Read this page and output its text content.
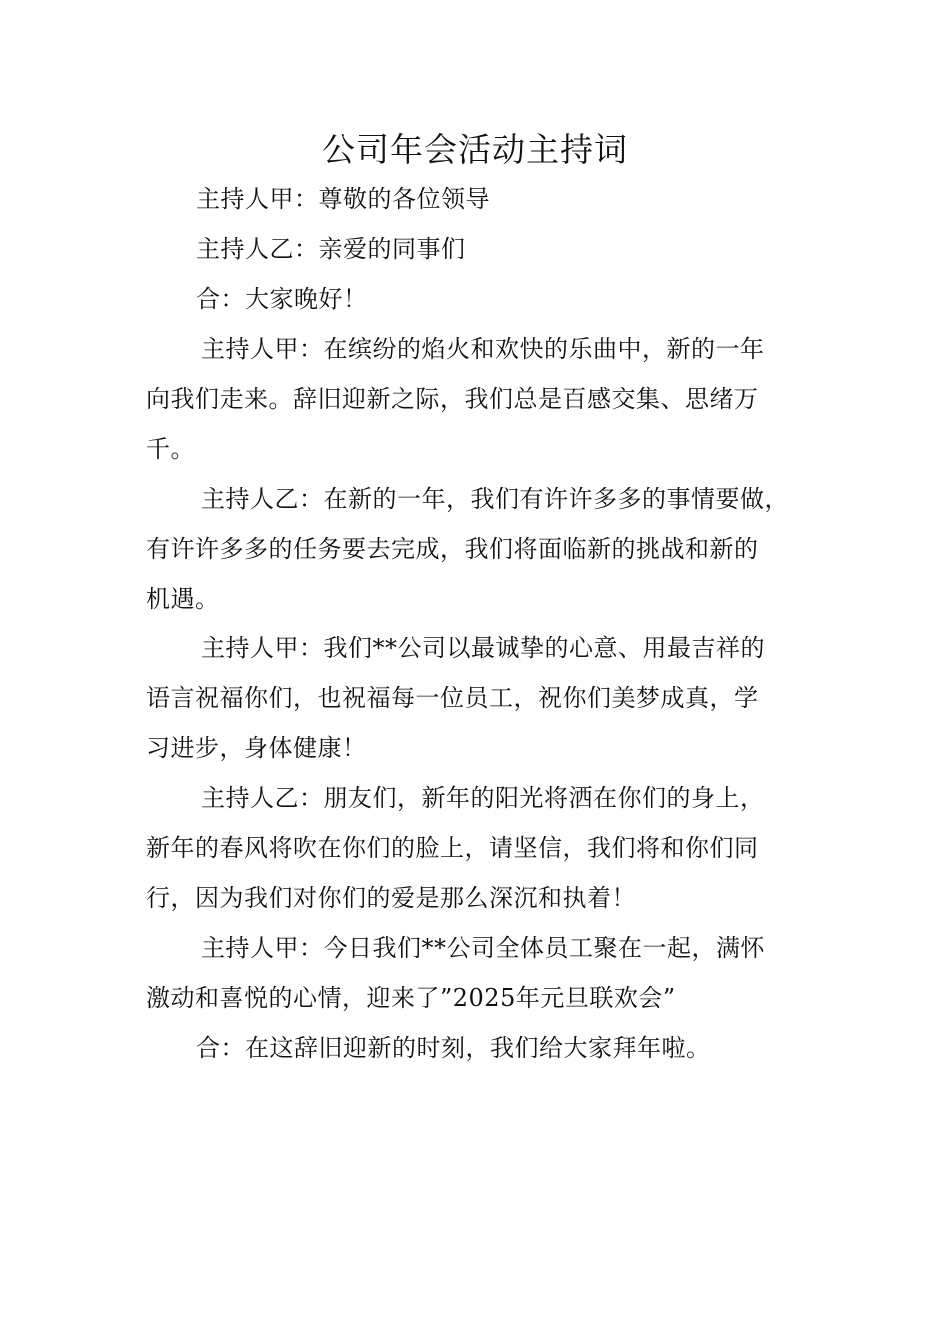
公司年会活动主持词
主持人甲：尊敬的各位领导
主持人乙：亲爱的同事们
合：大家晚好！
主持人甲：在缤纷的焰火和欢快的乐曲中，新的一年
向我们走来。辞旧迎新之际，我们总是百感交集、思绪万
千。
主持人乙：在新的一年，我们有许许多多的事情要做，
有许许多多的任务要去完成，我们将面临新的挑战和新的
机遇。
主持人甲：我们**公司以最诚挚的心意、用最吉祥的
语言祝福你们，也祝福每一位员工，祝你们美梦成真，学
习进步，身体健康！
主持人乙：朋友们，新年的阳光将洒在你们的身上，
新年的春风将吹在你们的脸上，请坚信，我们将和你们同
行，因为我们对你们的爱是那么深沉和执着！
主持人甲：今日我们**公司全体员工聚在一起，满怀
激动和喜悦的心情，迎来了”2025年元旦联欢会”
合：在这辞旧迎新的时刻，我们给大家拜年啦。
